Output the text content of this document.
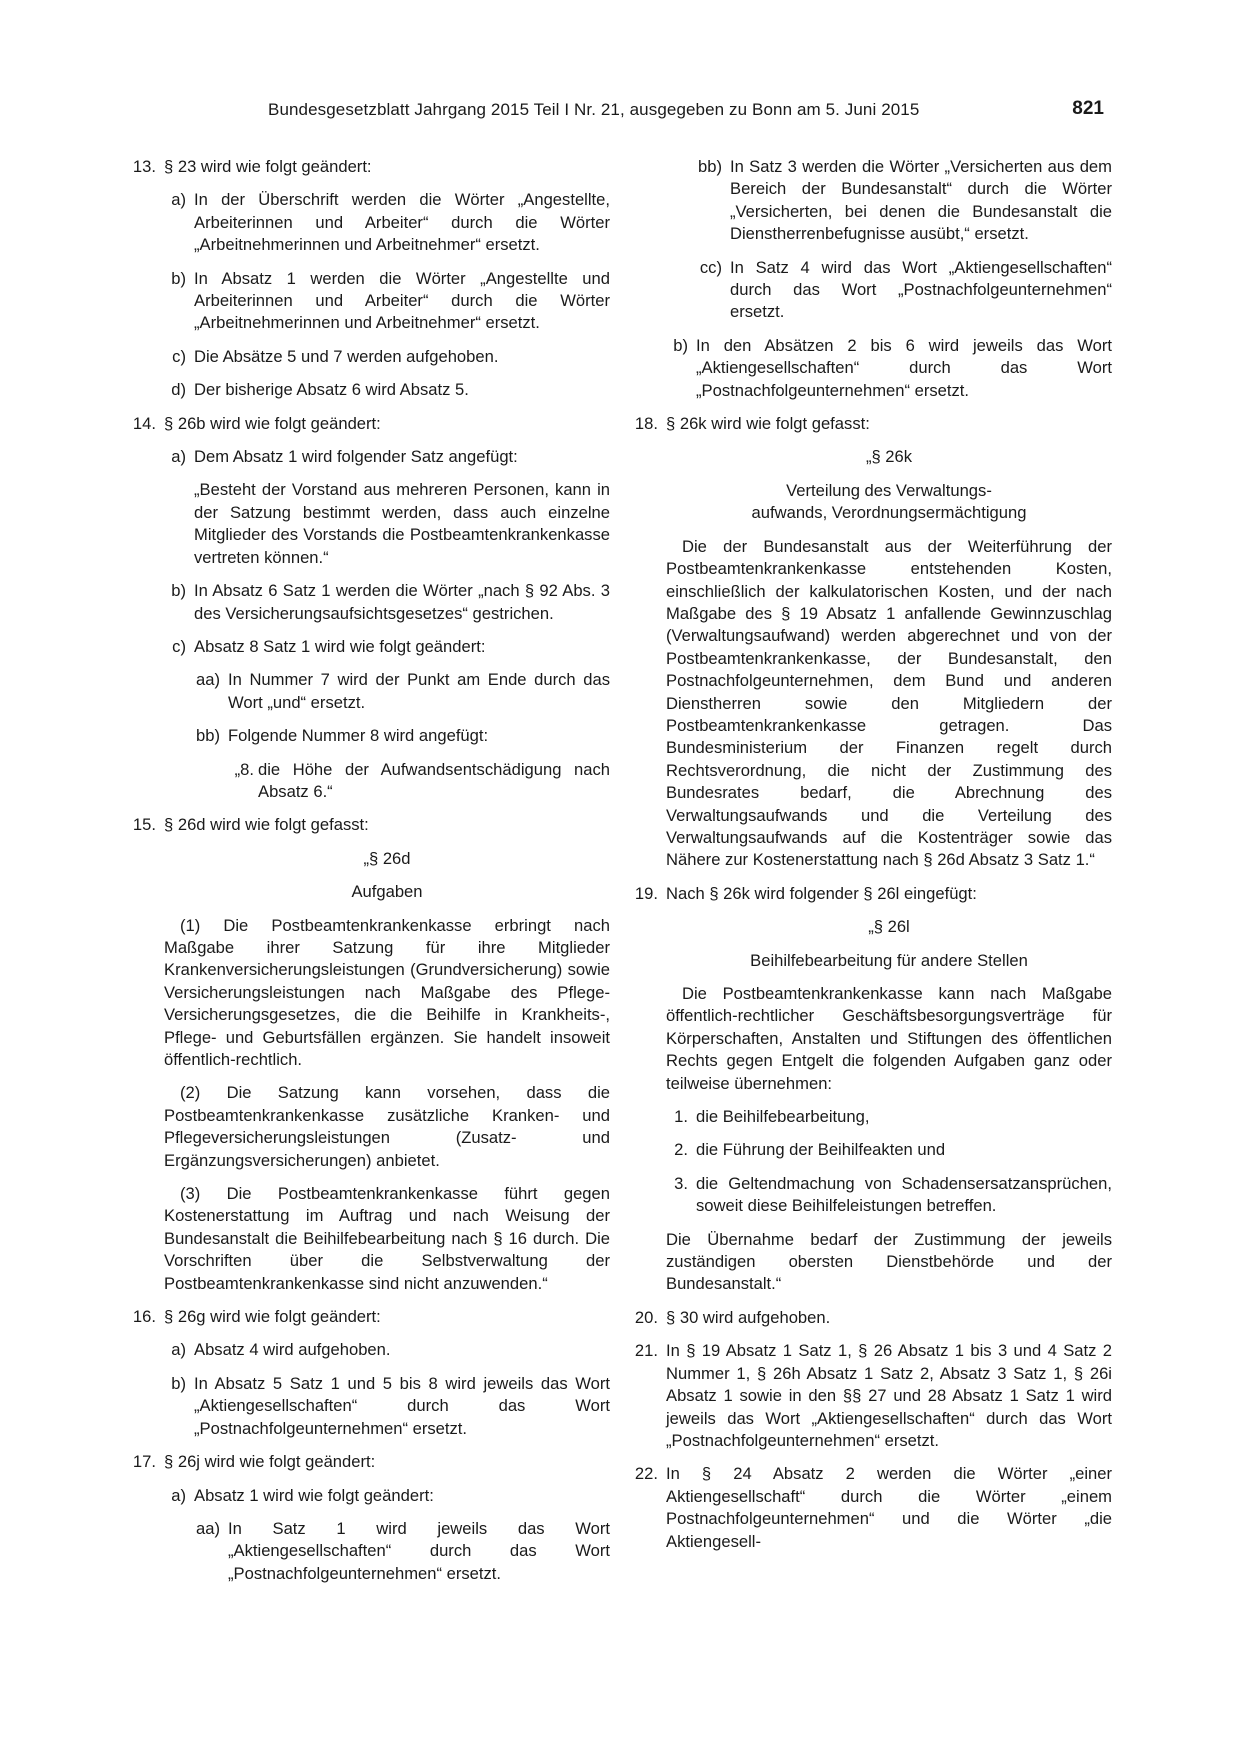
Bundesgesetzblatt Jahrgang 2015 Teil I Nr. 21, ausgegeben zu Bonn am 5. Juni 2015	821
13. § 23 wird wie folgt geändert:
a) In der Überschrift werden die Wörter „Angestellte, Arbeiterinnen und Arbeiter“ durch die Wörter „Arbeitnehmerinnen und Arbeitnehmer“ ersetzt.
b) In Absatz 1 werden die Wörter „Angestellte und Arbeiterinnen und Arbeiter“ durch die Wörter „Arbeitnehmerinnen und Arbeitnehmer“ ersetzt.
c) Die Absätze 5 und 7 werden aufgehoben.
d) Der bisherige Absatz 6 wird Absatz 5.
14. § 26b wird wie folgt geändert:
a) Dem Absatz 1 wird folgender Satz angefügt:
„Besteht der Vorstand aus mehreren Personen, kann in der Satzung bestimmt werden, dass auch einzelne Mitglieder des Vorstands die Postbeamtenkrankenkasse vertreten können.“
b) In Absatz 6 Satz 1 werden die Wörter „nach § 92 Abs. 3 des Versicherungsaufsichtsgesetzes“ gestrichen.
c) Absatz 8 Satz 1 wird wie folgt geändert:
aa) In Nummer 7 wird der Punkt am Ende durch das Wort „und“ ersetzt.
bb) Folgende Nummer 8 wird angefügt:
„8. die Höhe der Aufwandsentschädigung nach Absatz 6.“
15. § 26d wird wie folgt gefasst:
„§ 26d
Aufgaben
(1) Die Postbeamtenkrankenkasse erbringt nach Maßgabe ihrer Satzung für ihre Mitglieder Krankenversicherungsleistungen (Grundversicherung) sowie Versicherungsleistungen nach Maßgabe des Pflege-Versicherungsgesetzes, die die Beihilfe in Krankheits-, Pflege- und Geburtsfällen ergänzen. Sie handelt insoweit öffentlich-rechtlich.
(2) Die Satzung kann vorsehen, dass die Postbeamtenkrankenkasse zusätzliche Kranken- und Pflegeversicherungsleistungen (Zusatz- und Ergänzungsversicherungen) anbietet.
(3) Die Postbeamtenkrankenkasse führt gegen Kostenerstattung im Auftrag und nach Weisung der Bundesanstalt die Beihilfebearbeitung nach § 16 durch. Die Vorschriften über die Selbstverwaltung der Postbeamtenkrankenkasse sind nicht anzuwenden.“
16. § 26g wird wie folgt geändert:
a) Absatz 4 wird aufgehoben.
b) In Absatz 5 Satz 1 und 5 bis 8 wird jeweils das Wort „Aktiengesellschaften“ durch das Wort „Postnachfolgeunternehmen“ ersetzt.
17. § 26j wird wie folgt geändert:
a) Absatz 1 wird wie folgt geändert:
aa) In Satz 1 wird jeweils das Wort „Aktiengesellschaften“ durch das Wort „Postnachfolgeunternehmen“ ersetzt.
bb) In Satz 3 werden die Wörter „Versicherten aus dem Bereich der Bundesanstalt“ durch die Wörter „Versicherten, bei denen die Bundesanstalt die Dienstherrenbefugnisse ausübt,“ ersetzt.
cc) In Satz 4 wird das Wort „Aktiengesellschaften“ durch das Wort „Postnachfolgeunternehmen“ ersetzt.
b) In den Absätzen 2 bis 6 wird jeweils das Wort „Aktiengesellschaften“ durch das Wort „Postnachfolgeunternehmen“ ersetzt.
18. § 26k wird wie folgt gefasst:
„§ 26k
Verteilung des Verwaltungs-
aufwands, Verordnungsermächtigung
Die der Bundesanstalt aus der Weiterführung der Postbeamtenkrankenkasse entstehenden Kosten, einschließlich der kalkulatorischen Kosten, und der nach Maßgabe des § 19 Absatz 1 anfallende Gewinnzuschlag (Verwaltungsaufwand) werden abgerechnet und von der Postbeamtenkrankenkasse, der Bundesanstalt, den Postnachfolgeunternehmen, dem Bund und anderen Dienstherren sowie den Mitgliedern der Postbeamtenkrankenkasse getragen. Das Bundesministerium der Finanzen regelt durch Rechtsverordnung, die nicht der Zustimmung des Bundesrates bedarf, die Abrechnung des Verwaltungsaufwands und die Verteilung des Verwaltungsaufwands auf die Kostenträger sowie das Nähere zur Kostenerstattung nach § 26d Absatz 3 Satz 1.“
19. Nach § 26k wird folgender § 26l eingefügt:
„§ 26l
Beihilfebearbeitung für andere Stellen
Die Postbeamtenkrankenkasse kann nach Maßgabe öffentlich-rechtlicher Geschäftsbesorgungsverträge für Körperschaften, Anstalten und Stiftungen des öffentlichen Rechts gegen Entgelt die folgenden Aufgaben ganz oder teilweise übernehmen:
1. die Beihilfebearbeitung,
2. die Führung der Beihilfeakten und
3. die Geltendmachung von Schadensersatzansprüchen, soweit diese Beihilfeleistungen betreffen.
Die Übernahme bedarf der Zustimmung der jeweils zuständigen obersten Dienstbehörde und der Bundesanstalt.“
20. § 30 wird aufgehoben.
21. In § 19 Absatz 1 Satz 1, § 26 Absatz 1 bis 3 und 4 Satz 2 Nummer 1, § 26h Absatz 1 Satz 2, Absatz 3 Satz 1, § 26i Absatz 1 sowie in den §§ 27 und 28 Absatz 1 Satz 1 wird jeweils das Wort „Aktiengesellschaften“ durch das Wort „Postnachfolgeunternehmen“ ersetzt.
22. In § 24 Absatz 2 werden die Wörter „einer Aktiengesellschaft“ durch die Wörter „einem Postnachfolgeunternehmen“ und die Wörter „die Aktiengesell-
